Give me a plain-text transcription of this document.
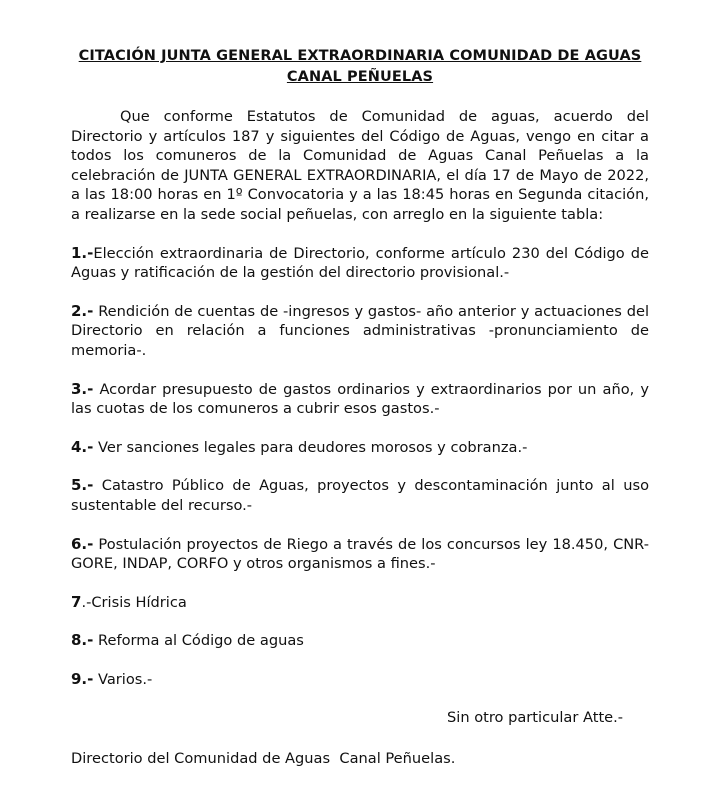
CITACIÓN JUNTA GENERAL EXTRAORDINARIA COMUNIDAD DE AGUAS
CANAL PEÑUELAS

Que conforme Estatutos de Comunidad de aguas, acuerdo del Directorio y artículos 187 y siguientes del Código de Aguas, vengo en citar a todos los comuneros de la Comunidad de Aguas Canal Peñuelas a la celebración de JUNTA GENERAL EXTRAORDINARIA, el día 17 de Mayo de 2022, a las 18:00 horas en 1º Convocatoria y a las 18:45 horas en Segunda citación, a realizarse en la sede social peñuelas, con arreglo en la siguiente tabla:

1.-Elección extraordinaria de Directorio, conforme artículo 230 del Código de Aguas y ratificación de la gestión del directorio provisional.-

2.- Rendición de cuentas de -ingresos y gastos- año anterior y actuaciones del Directorio en relación a funciones administrativas -pronunciamiento de memoria-.

3.- Acordar presupuesto de gastos ordinarios y extraordinarios por un año, y las cuotas de los comuneros a cubrir esos gastos.-

4.- Ver sanciones legales para deudores morosos y cobranza.-

5.- Catastro Público de Aguas, proyectos y descontaminación junto al uso sustentable del recurso.-

6.- Postulación proyectos de Riego a través de los concursos ley 18.450, CNR-GORE, INDAP, CORFO y otros organismos a fines.-

7.-Crisis Hídrica

8.- Reforma al Código de aguas

9.- Varios.-

Sin otro particular Atte.-

Directorio del Comunidad de Aguas  Canal Peñuelas.
